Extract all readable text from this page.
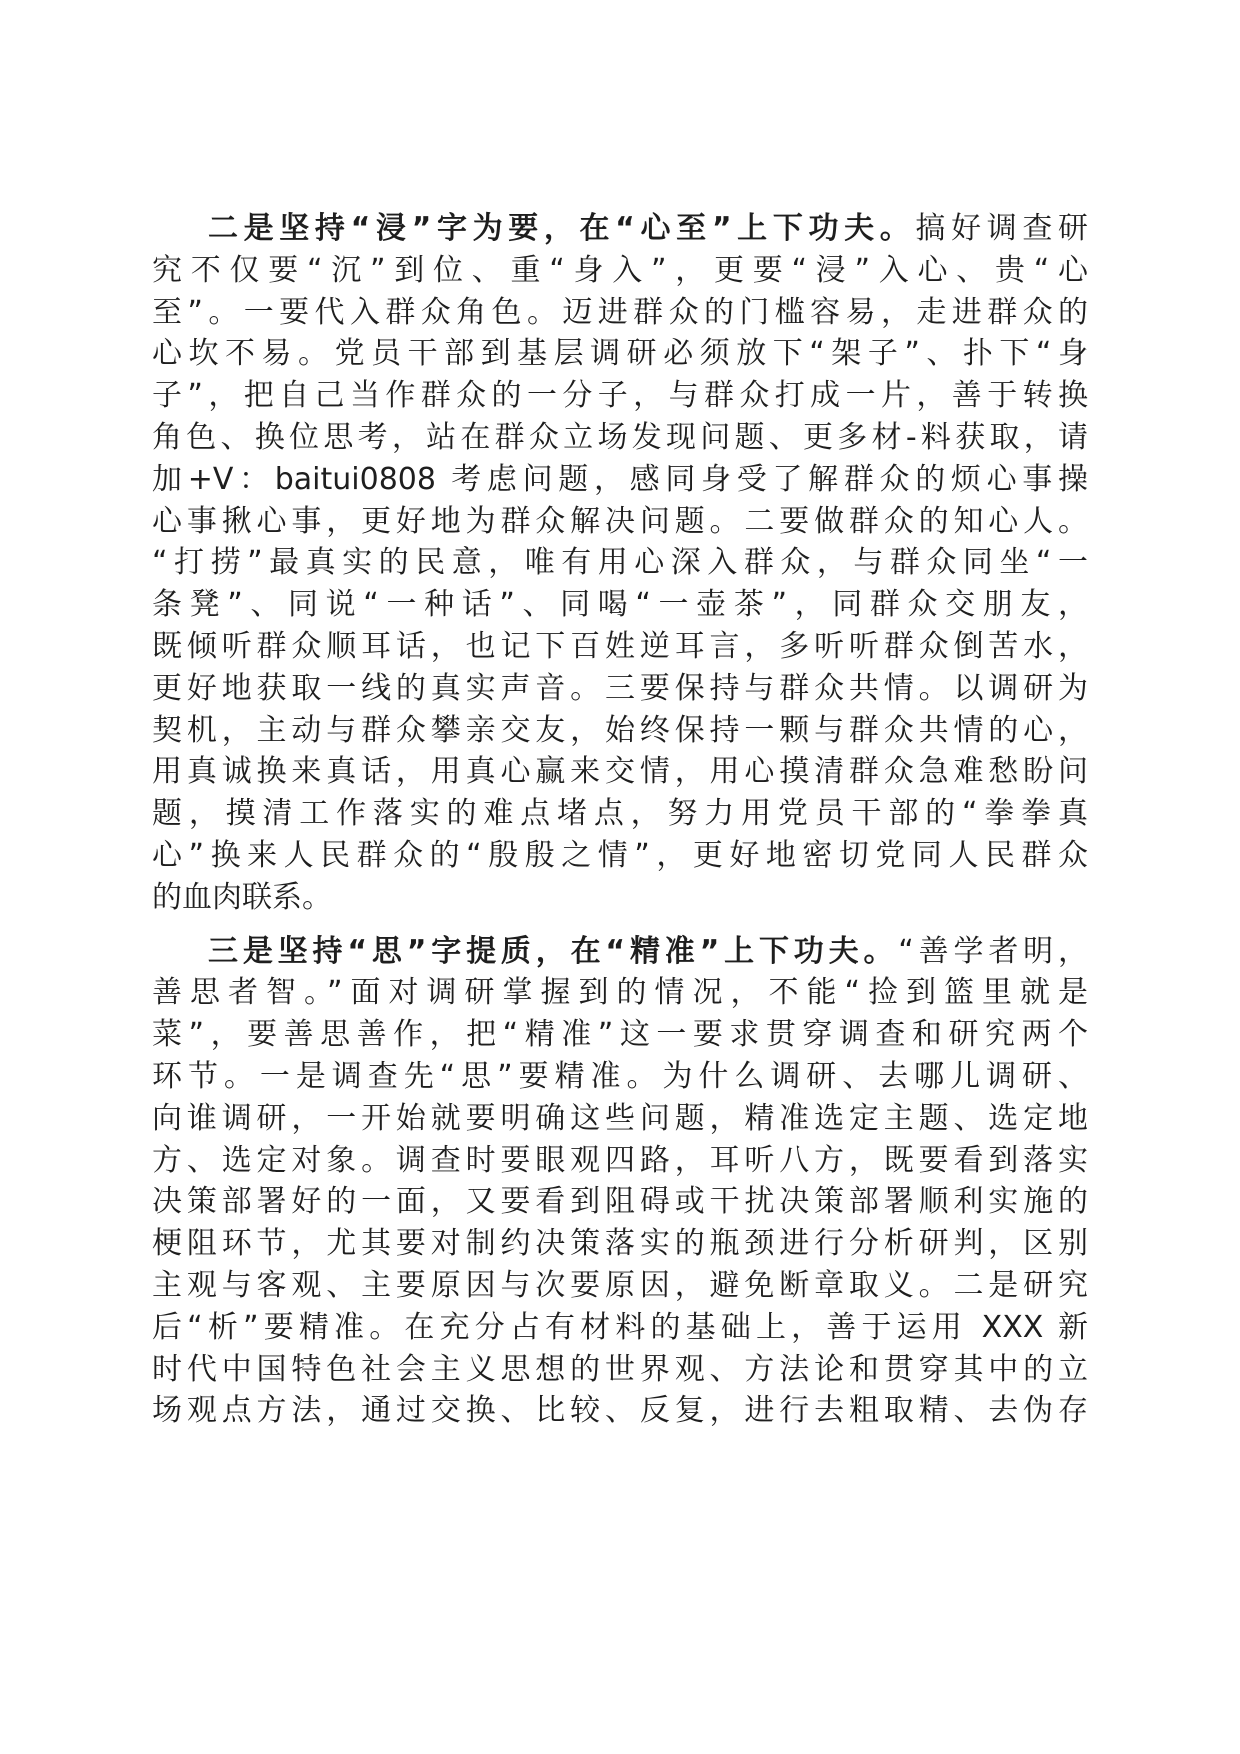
二是坚持“浸”字为要，在“心至”上下功夫。搞好调查研
究不仅要“沉”到位、重“身入”，更要“浸”入心、贵“心
至”。一要代入群众角色。迈进群众的门槛容易，走进群众的
心坎不易。党员干部到基层调研必须放下“架子”、扑下“身
子”，把自己当作群众的一分子，与群众打成一片，善于转换
角色、换位思考，站在群众立场发现问题、更多材-料获取，请
加+V：baitui0808 考虑问题，感同身受了解群众的烦心事操
心事揪心事，更好地为群众解决问题。二要做群众的知心人。
“打捞”最真实的民意，唯有用心深入群众，与群众同坐“一
条凳”、同说“一种话”、同喝“一壶茶”，同群众交朋友，
既倾听群众顺耳话，也记下百姓逆耳言，多听听群众倒苦水，
更好地获取一线的真实声音。三要保持与群众共情。以调研为
契机，主动与群众攀亲交友，始终保持一颗与群众共情的心，
用真诚换来真话，用真心赢来交情，用心摸清群众急难愁盼问
题，摸清工作落实的难点堵点，努力用党员干部的“拳拳真
心”换来人民群众的“殷殷之情”，更好地密切党同人民群众
的血肉联系。
三是坚持“思”字提质，在“精准”上下功夫。“善学者明，
善思者智。”面对调研掌握到的情况，不能“捡到篮里就是
菜”，要善思善作，把“精准”这一要求贯穿调查和研究两个
环节。一是调查先“思”要精准。为什么调研、去哪儿调研、
向谁调研，一开始就要明确这些问题，精准选定主题、选定地
方、选定对象。调查时要眼观四路，耳听八方，既要看到落实
决策部署好的一面，又要看到阻碍或干扰决策部署顺利实施的
梗阻环节，尤其要对制约决策落实的瓶颈进行分析研判，区别
主观与客观、主要原因与次要原因，避免断章取义。二是研究
后“析”要精准。在充分占有材料的基础上，善于运用 XXX 新
时代中国特色社会主义思想的世界观、方法论和贯穿其中的立
场观点方法，通过交换、比较、反复，进行去粗取精、去伪存
